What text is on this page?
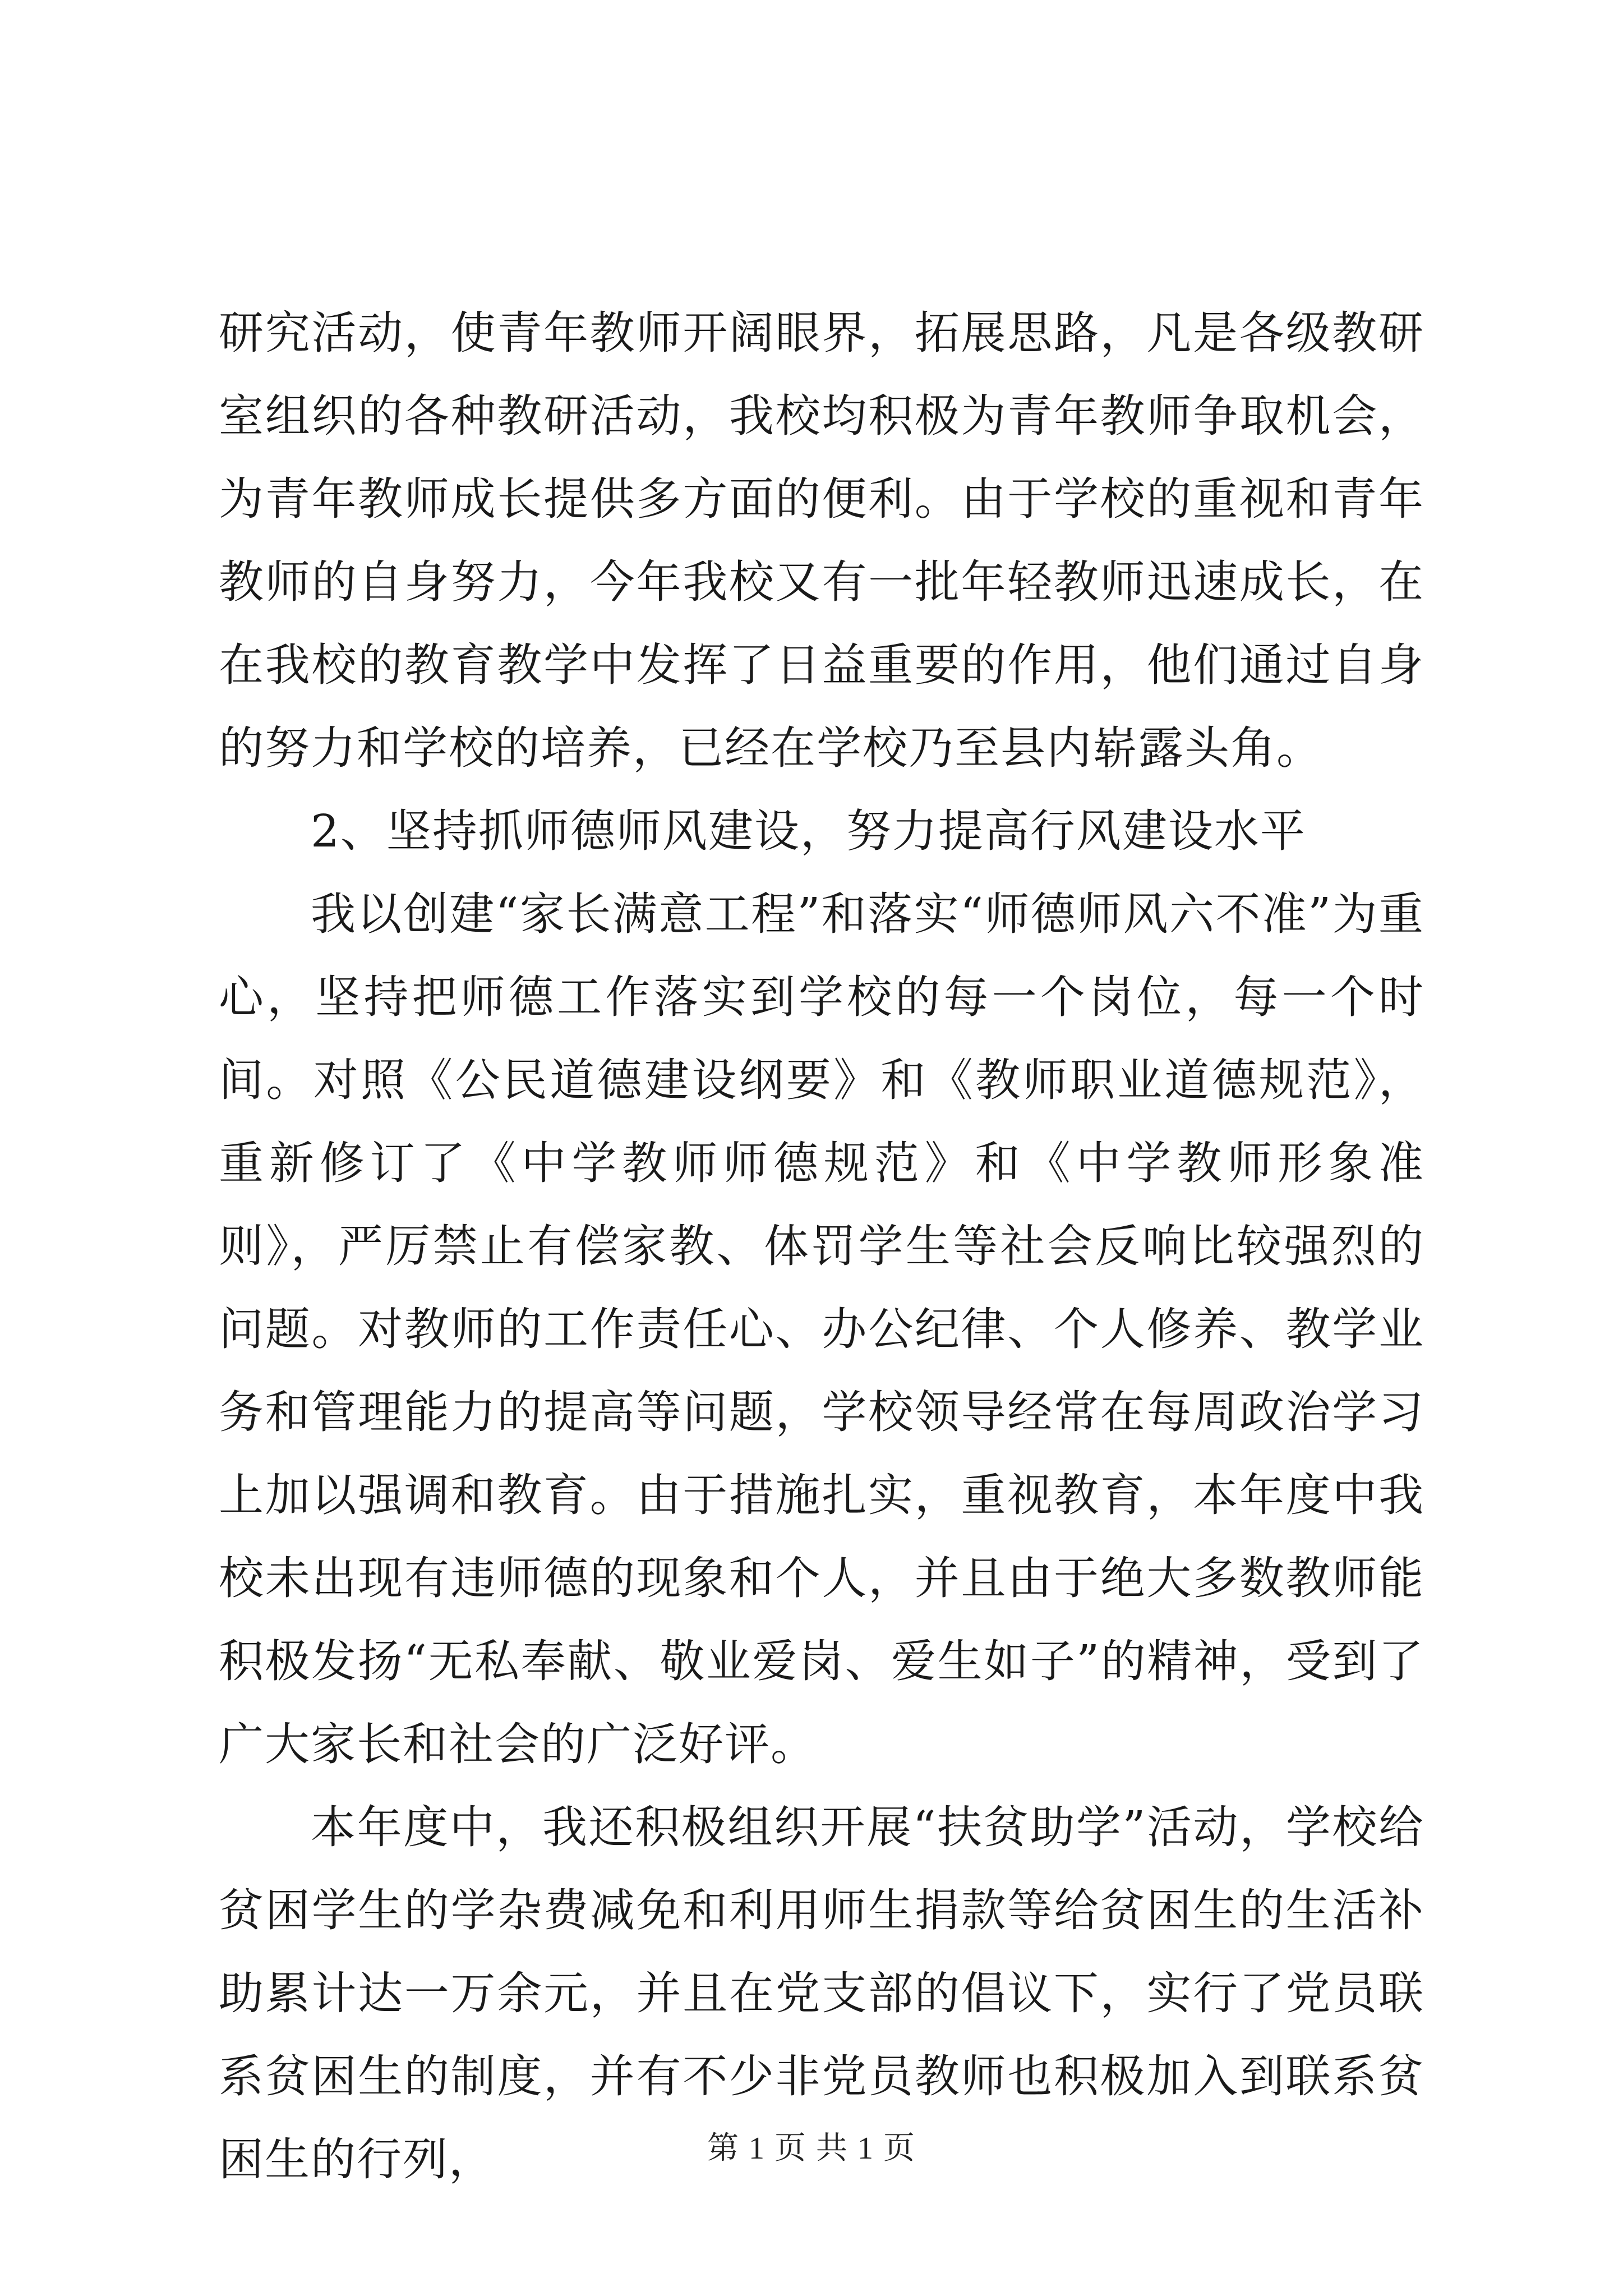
研究活动，使青年教师开阔眼界，拓展思路，凡是各级教研室组织的各种教研活动，我校均积极为青年教师争取机会，为青年教师成长提供多方面的便利。由于学校的重视和青年教师的自身努力，今年我校又有一批年轻教师迅速成长，在在我校的教育教学中发挥了日益重要的作用，他们通过自身的努力和学校的培养，已经在学校乃至县内崭露头角。

2、坚持抓师德师风建设，努力提高行风建设水平

我以创建“家长满意工程”和落实“师德师风六不准”为重心，坚持把师德工作落实到学校的每一个岗位，每一个时间。对照《公民道德建设纲要》和《教师职业道德规范》，重新修订了《中学教师师德规范》和《中学教师形象准则》，严厉禁止有偿家教、体罚学生等社会反响比较强烈的问题。对教师的工作责任心、办公纪律、个人修养、教学业务和管理能力的提高等问题，学校领导经常在每周政治学习上加以强调和教育。由于措施扎实，重视教育，本年度中我校未出现有违师德的现象和个人，并且由于绝大多数教师能积极发扬“无私奉献、敬业爱岗、爱生如子”的精神，受到了广大家长和社会的广泛好评。

本年度中，我还积极组织开展“扶贫助学”活动，学校给贫困学生的学杂费减免和利用师生捐款等给贫困生的生活补助累计达一万余元，并且在党支部的倡议下，实行了党员联系贫困生的制度，并有不少非党员教师也积极加入到联系贫困生的行列，	第 1 页 共 1 页
